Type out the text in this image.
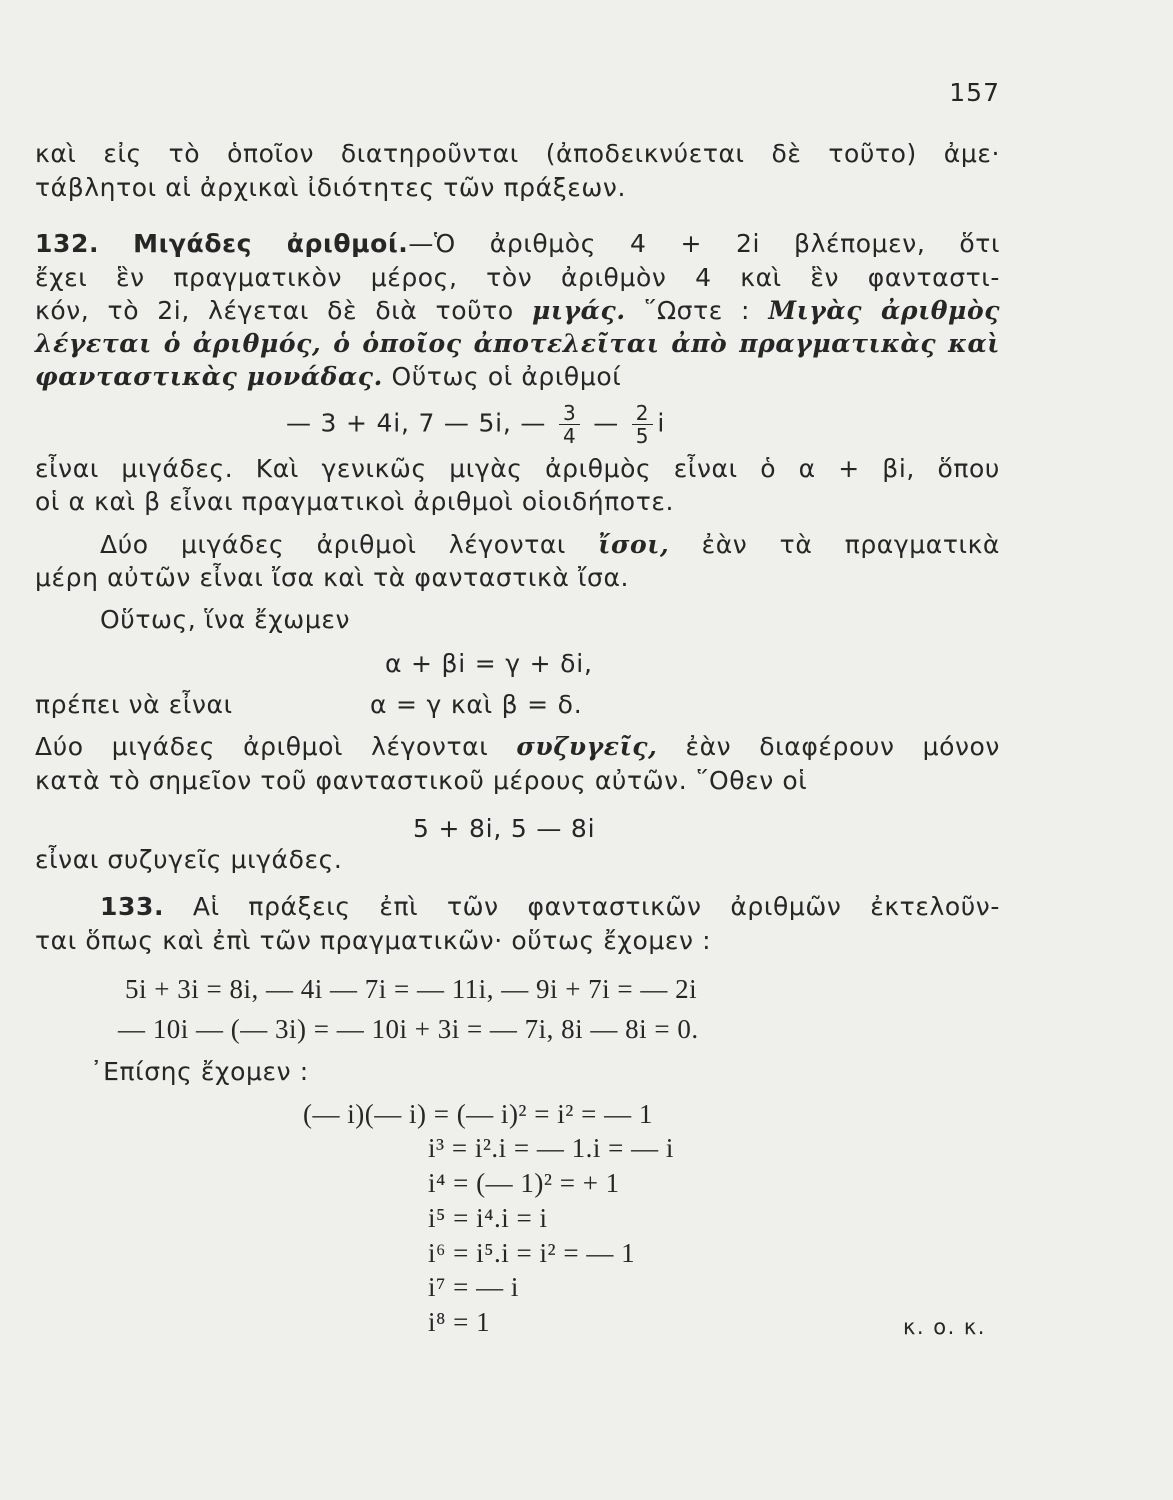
157
καὶ εἰς τὸ ὁποῖον διατηροῦνται (ἀποδεικνύεται δὲ τοῦτο) ἀμε·
τάβλητοι αἱ ἀρχικαὶ ἰδιότητες τῶν πράξεων.
132. Μιγάδες ἀριθμοί.—Ὁ ἀριθμὸς 4 + 2i βλέπομεν, ὅτι
ἔχει ἓν πραγματικὸν μέρος, τὸν ἀριθμὸν 4 καὶ ἓν φανταστι-
κόν, τὸ 2i, λέγεται δὲ διὰ τοῦτο μιγάς. ῞Ωστε : Μιγὰς ἀριθμὸς
λέγεται ὁ ἀριθμός, ὁ ὁποῖος ἀποτελεῖται ἀπὸ πραγματικὰς καὶ
φανταστικὰς μονάδας. Οὕτως οἱ ἀριθμοί
— 3 + 4i, 7 — 5i, — $\frac{3}{4}$ — $\frac{2}{5}$ i
εἶναι μιγάδες. Καὶ γενικῶς μιγὰς ἀριθμὸς εἶναι ὁ α + βi, ὅπου
οἱ α καὶ β εἶναι πραγματικοὶ ἀριθμοὶ οἱοιδήποτε.
Δύο μιγάδες ἀριθμοὶ λέγονται ἴσοι, ἐὰν τὰ πραγματικὰ
μέρη αὐτῶν εἶναι ἴσα καὶ τὰ φανταστικὰ ἴσα.
Οὕτως, ἵνα ἔχωμεν
α + βi = γ + δi,
πρέπει νὰ εἶναι	α = γ καὶ β = δ.
Δύο μιγάδες ἀριθμοὶ λέγονται συζυγεῖς, ἐὰν διαφέρουν μόνον
κατὰ τὸ σημεῖον τοῦ φανταστικοῦ μέρους αὐτῶν. ῞Οθεν οἱ
5 + 8i, 5 — 8i
εἶναι συζυγεῖς μιγάδες.
133. Αἱ πράξεις ἐπὶ τῶν φανταστικῶν ἀριθμῶν ἐκτελοῦν-
ται ὅπως καὶ ἐπὶ τῶν πραγματικῶν· οὕτως ἔχομεν :
5i + 3i = 8i, — 4i — 7i = — 11i, — 9i + 7i = — 2i
— 10i — (— 3i) = — 10i + 3i = — 7i, 8i — 8i = 0.
᾿Επίσης ἔχομεν :
(— i)(— i) = (— i)² = i² = — 1
i³ = i².i = — 1.i = — i
i⁴ = (— 1)² = + 1
i⁵ = i⁴.i = i
i⁶ = i⁵.i = i² = — 1
i⁷ = — i
i⁸ = 1	κ. ο. κ.
